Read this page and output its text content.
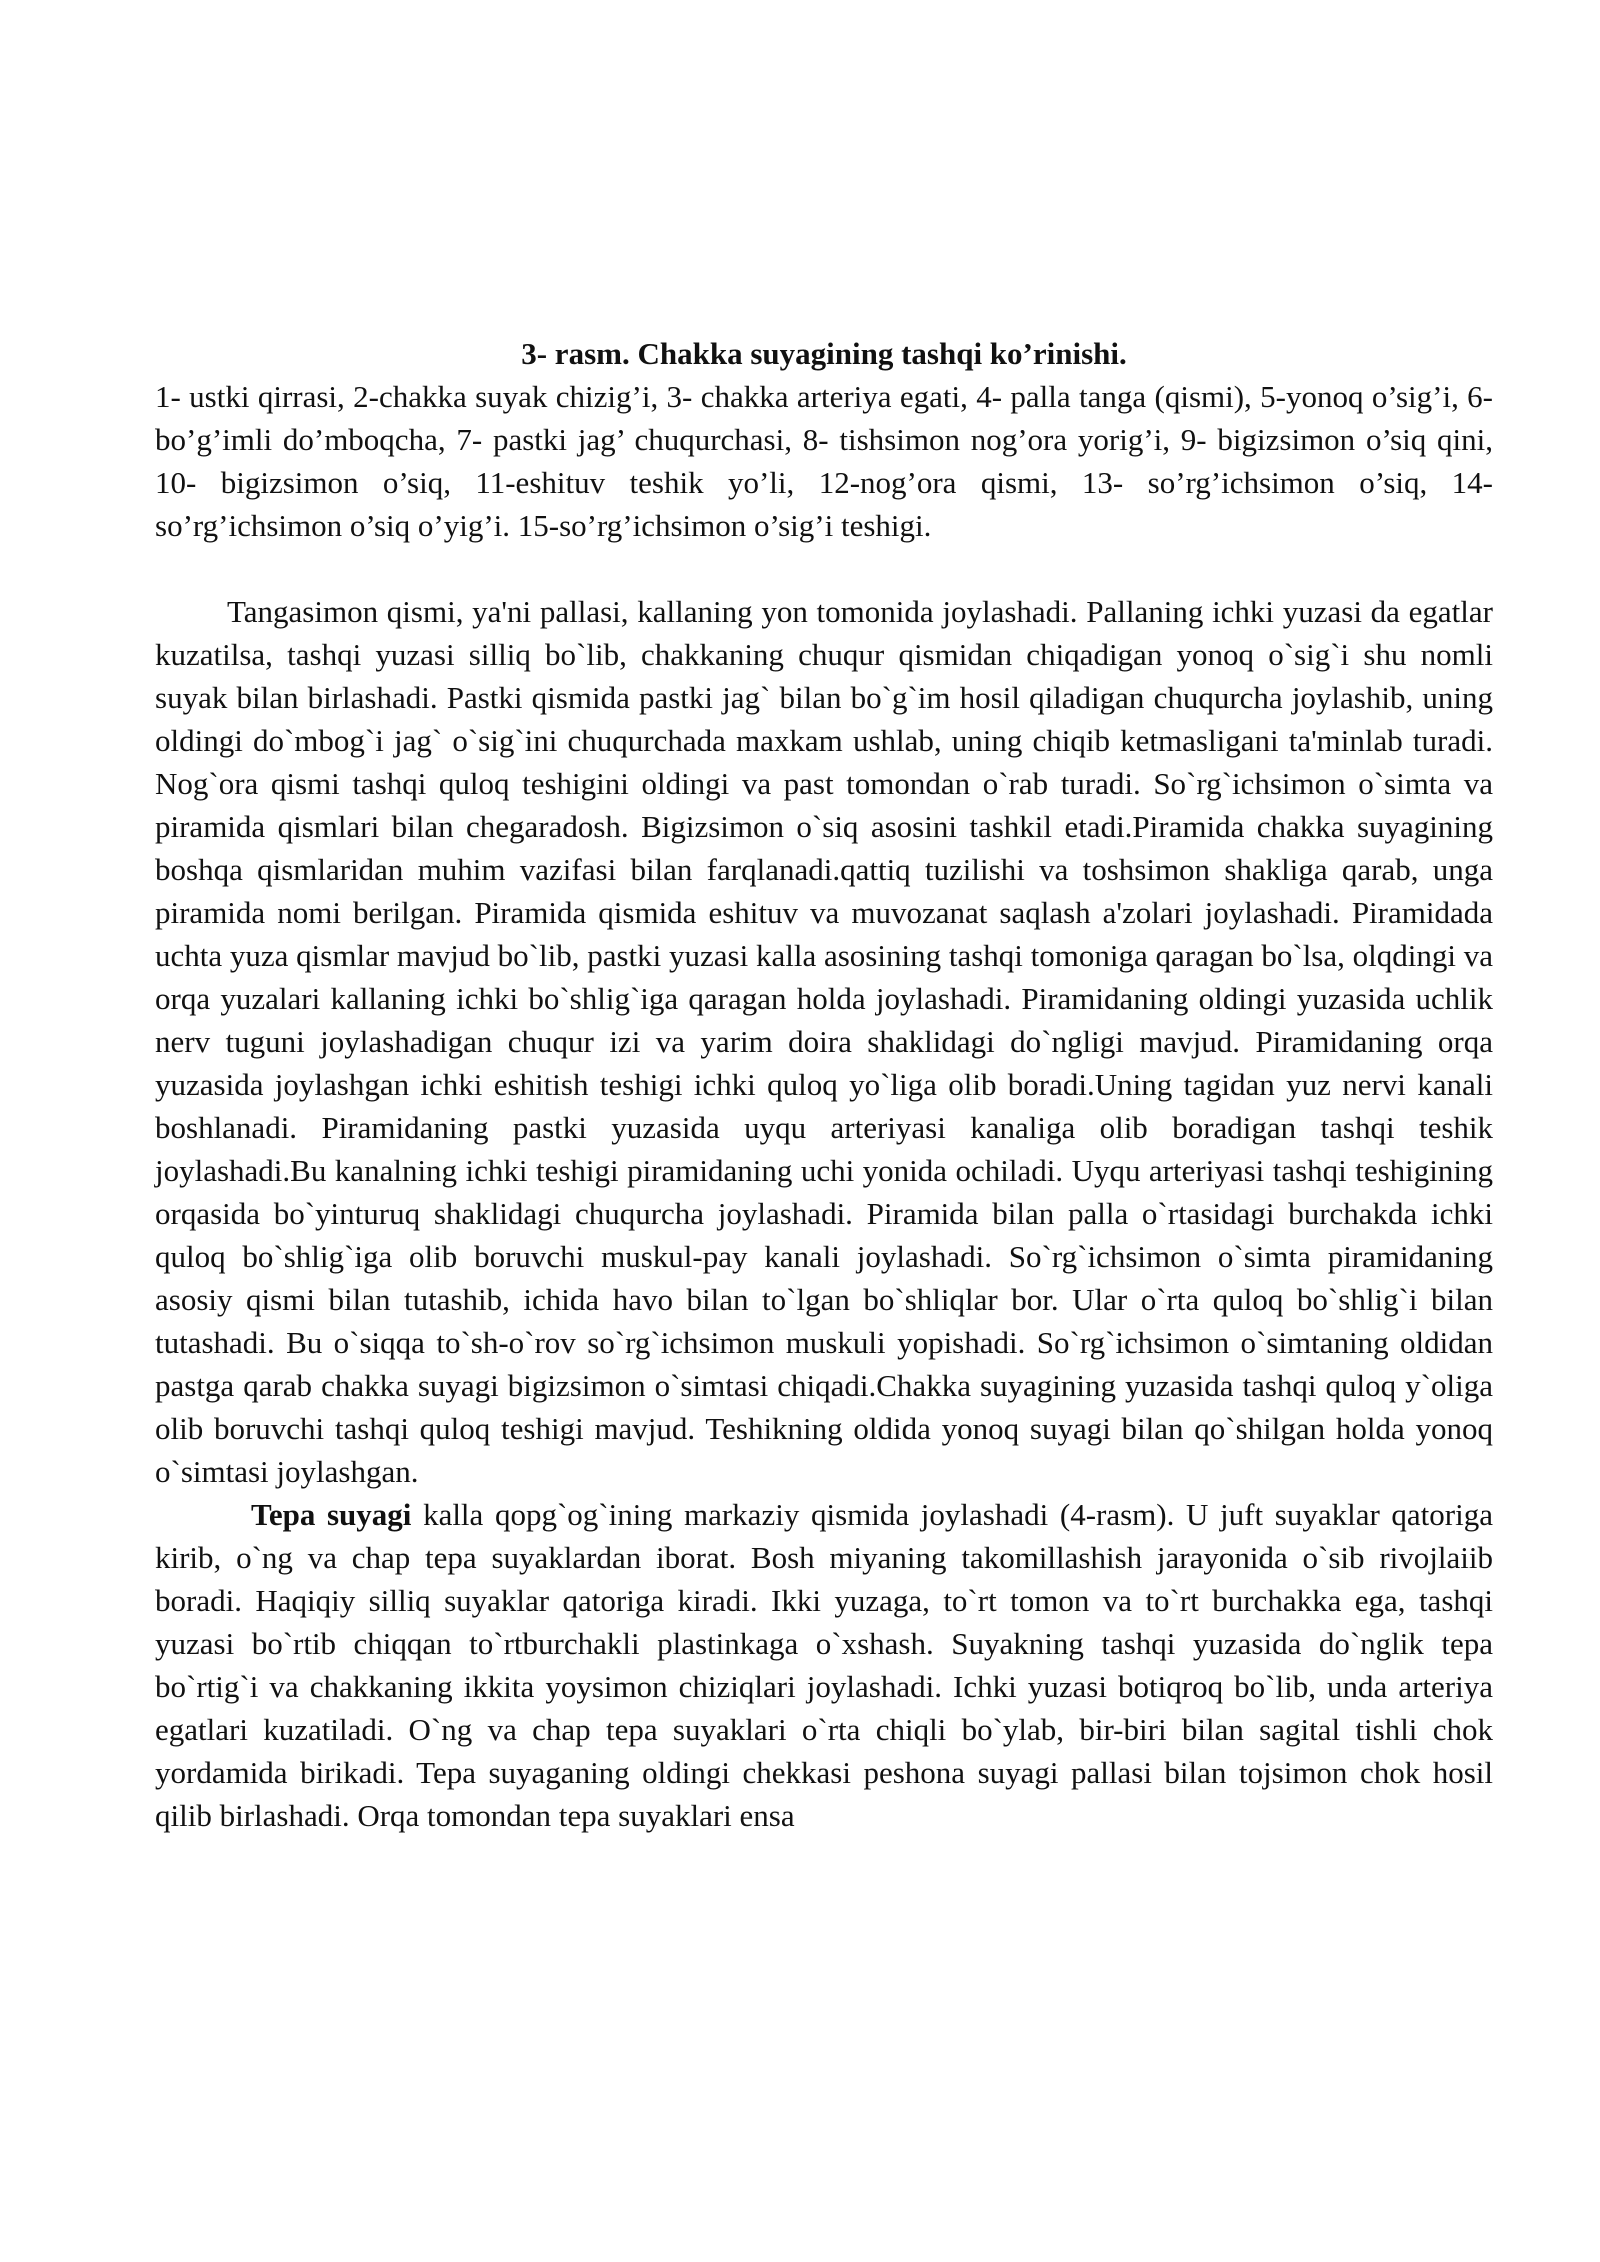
3- rasm. Chakka suyagining tashqi ko’rinishi.

1- ustki qirrasi, 2-chakka suyak chizig’i, 3- chakka arteriya egati, 4- palla tanga (qismi), 5-yonoq o’sig’i, 6- bo’g’imli do’mboqcha, 7- pastki jag’ chuqurchasi, 8- tishsimon nog’ora yorig’i, 9- bigizsimon o’siq qini, 10- bigizsimon o’siq, 11-eshituv teshik yo’li, 12-nog’ora qismi, 13- so’rg’ichsimon o’siq, 14- so’rg’ichsimon o’siq o’yig’i. 15-so’rg’ichsimon o’sig’i teshigi.

Tangasimon qismi, ya'ni pallasi, kallaning yon tomonida joylashadi. Pallaning ichki yuzasi da egatlar kuzatilsa, tashqi yuzasi silliq bo`lib, chakkaning chuqur qismidan chiqadigan yonoq o`sig`i shu nomli suyak bilan birlashadi. Pastki qismida pastki jag` bilan bo`g`im hosil qiladigan chuqurcha joylashib, uning oldingi do`mbog`i jag` o`sig`ini chuqurchada maxkam ushlab, uning chiqib ketmasligani ta'minlab turadi. Nog`ora qismi tashqi quloq teshigini oldingi va past tomondan o`rab turadi. So`rg`ichsimon o`simta va piramida qismlari bilan chegaradosh. Bigizsimon o`siq asosini tashkil etadi.Piramida chakka suyagining boshqa qismlaridan muhim vazifasi bilan farqlanadi.qattiq tuzilishi va toshsimon shakliga qarab, unga piramida nomi berilgan. Piramida qismida eshituv va muvozanat saqlash a'zolari joylashadi. Piramidada uchta yuza qismlar mavjud bo`lib, pastki yuzasi kalla asosining tashqi tomoniga qaragan bo`lsa, olqdingi va orqa yuzalari kallaning ichki bo`shlig`iga qaragan holda joylashadi. Piramidaning oldingi yuzasida uchlik nerv tuguni joylashadigan chuqur izi va yarim doira shaklidagi do`ngligi mavjud. Piramidaning orqa yuzasida joylashgan ichki eshitish teshigi ichki quloq yo`liga olib boradi.Uning tagidan yuz nervi kanali boshlanadi. Piramidaning pastki yuzasida uyqu arteriyasi kanaliga olib boradigan tashqi teshik joylashadi.Bu kanalning ichki teshigi piramidaning uchi yonida ochiladi. Uyqu arteriyasi tashqi teshigining orqasida bo`yinturuq shaklidagi chuqurcha joylashadi. Piramida bilan palla o`rtasidagi burchakda ichki quloq bo`shlig`iga olib boruvchi muskul-pay kanali joylashadi. So`rg`ichsimon o`simta piramidaning asosiy qismi bilan tutashib, ichida havo bilan to`lgan bo`shliqlar bor. Ular o`rta quloq bo`shlig`i bilan tutashadi. Bu o`siqqa to`sh-o`rov so`rg`ichsimon muskuli yopishadi. So`rg`ichsimon o`simtaning oldidan pastga qarab chakka suyagi bigizsimon o`simtasi chiqadi.Chakka suyagining yuzasida tashqi quloq y`oliga olib boruvchi tashqi quloq teshigi mavjud. Teshikning oldida yonoq suyagi bilan qo`shilgan holda yonoq o`simtasi joylashgan.

Tepa suyagi kalla qopg`og`ining markaziy qismida joylashadi (4-rasm). U juft suyaklar qatoriga kirib, o`ng va chap tepa suyaklardan iborat. Bosh miyaning takomillashish jarayonida o`sib rivojlaiib boradi. Haqiqiy silliq suyaklar qatoriga kiradi. Ikki yuzaga, to`rt tomon va to`rt burchakka ega, tashqi yuzasi bo`rtib chiqqan to`rtburchakli plastinkaga o`xshash. Suyakning tashqi yuzasida do`nglik tepa bo`rtig`i va chakkaning ikkita yoysimon chiziqlari joylashadi. Ichki yuzasi botiqroq bo`lib, unda arteriya egatlari kuzatiladi. O`ng va chap tepa suyaklari o`rta chiqli bo`ylab, bir-biri bilan sagital tishli chok yordamida birikadi. Tepa suyaganing oldingi chekkasi peshona suyagi pallasi bilan tojsimon chok hosil qilib birlashadi. Orqa tomondan tepa suyaklari ensa
